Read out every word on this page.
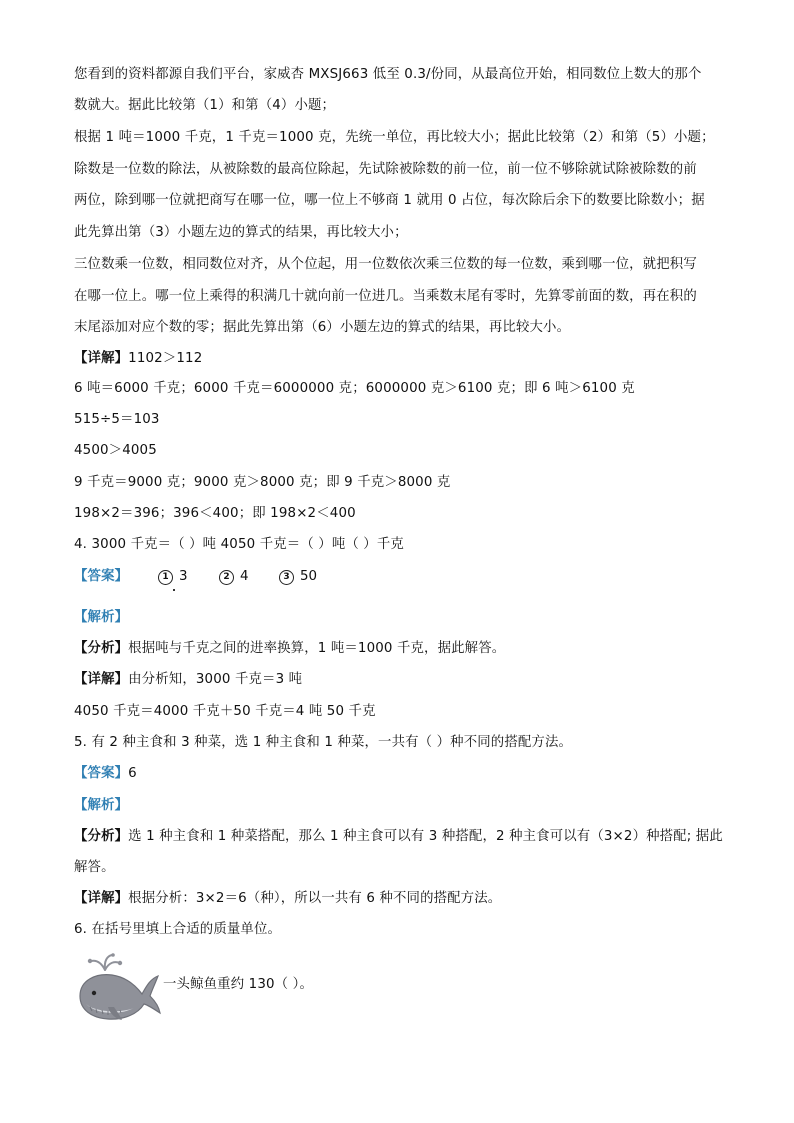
您看到的资料都源自我们平台，家威杏 MXSJ663 低至 0.3/份同，从最高位开始，相同数位上数大的那个
数就大。据此比较第（1）和第（4）小题；
根据 1 吨＝1000 千克，1 千克＝1000 克，先统一单位，再比较大小；据此比较第（2）和第（5）小题；
除数是一位数的除法，从被除数的最高位除起，先试除被除数的前一位，前一位不够除就试除被除数的前
两位，除到哪一位就把商写在哪一位，哪一位上不够商 1 就用 0 占位，每次除后余下的数要比除数小；据
此先算出第（3）小题左边的算式的结果，再比较大小；
三位数乘一位数，相同数位对齐，从个位起，用一位数依次乘三位数的每一位数，乘到哪一位，就把积写
在哪一位上。哪一位上乘得的积满几十就向前一位进几。当乘数末尾有零时，先算零前面的数，再在积的
末尾添加对应个数的零；据此先算出第（6）小题左边的算式的结果，再比较大小。
【详解】1102＞112
6 吨＝6000 千克；6000 千克＝6000000 克；6000000 克＞6100 克；即 6 吨＞6100 克
515÷5＝103
4500＞4005
9 千克＝9000 克；9000 克＞8000 克；即 9 千克＞8000 克
198×2＝396；396＜400；即 198×2＜400
4. 3000 千克＝（ ）吨 4050 千克＝（ ）吨（ ）千克
【答案】	1 3	2 4	3 50
【解析】
【分析】根据吨与千克之间的进率换算，1 吨＝1000 千克，据此解答。
【详解】由分析知，3000 千克＝3 吨
4050 千克＝4000 千克＋50 千克＝4 吨 50 千克
5. 有 2 种主食和 3 种菜，选 1 种主食和 1 种菜，一共有（ ）种不同的搭配方法。
【答案】6
【解析】
【分析】选 1 种主食和 1 种菜搭配，那么 1 种主食可以有 3 种搭配，2 种主食可以有（3×2）种搭配; 据此
解答。
【详解】根据分析：3×2＝6（种），所以一共有 6 种不同的搭配方法。
6. 在括号里填上合适的质量单位。
一头鲸鱼重约 130（ ）。
